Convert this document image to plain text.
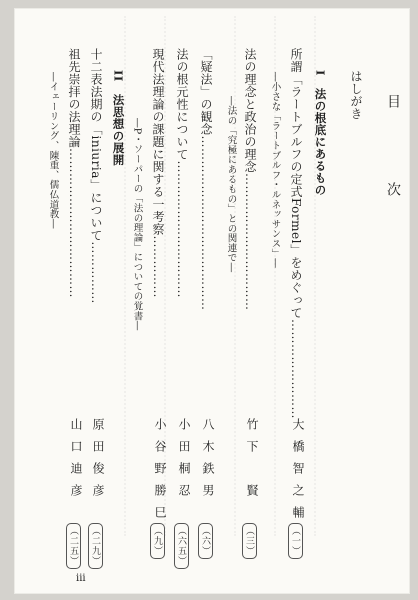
目　次
はしがき
I　法の根底にあるもの
所謂「ラートブルフの定式Formel」をめぐって……………………
―小さな「ラートブルフ・ルネッサンス」―
大橋智之輔
（一）
法の理念と政治の理念……………………………
―法の「究極にあるもの」との関連で―
竹下　賢
（三）
「疑法」の観念……………………………………
八木鉄男
（六）
法の根元性について……………………………
小田桐忍
（六五）
現代法理論の課題に関する一考察……………
―P・ソーパーの「法の理論」についての覚書―
小谷野勝巳
（九）
II　法思想の展開
十二表法期の「iniuria」について……………
原田俊彦
（二九）
祖先崇拝の法理論………………………………
―イェーリング、陳重、儒仏道教―
山口迪彦
（二五）
iii
